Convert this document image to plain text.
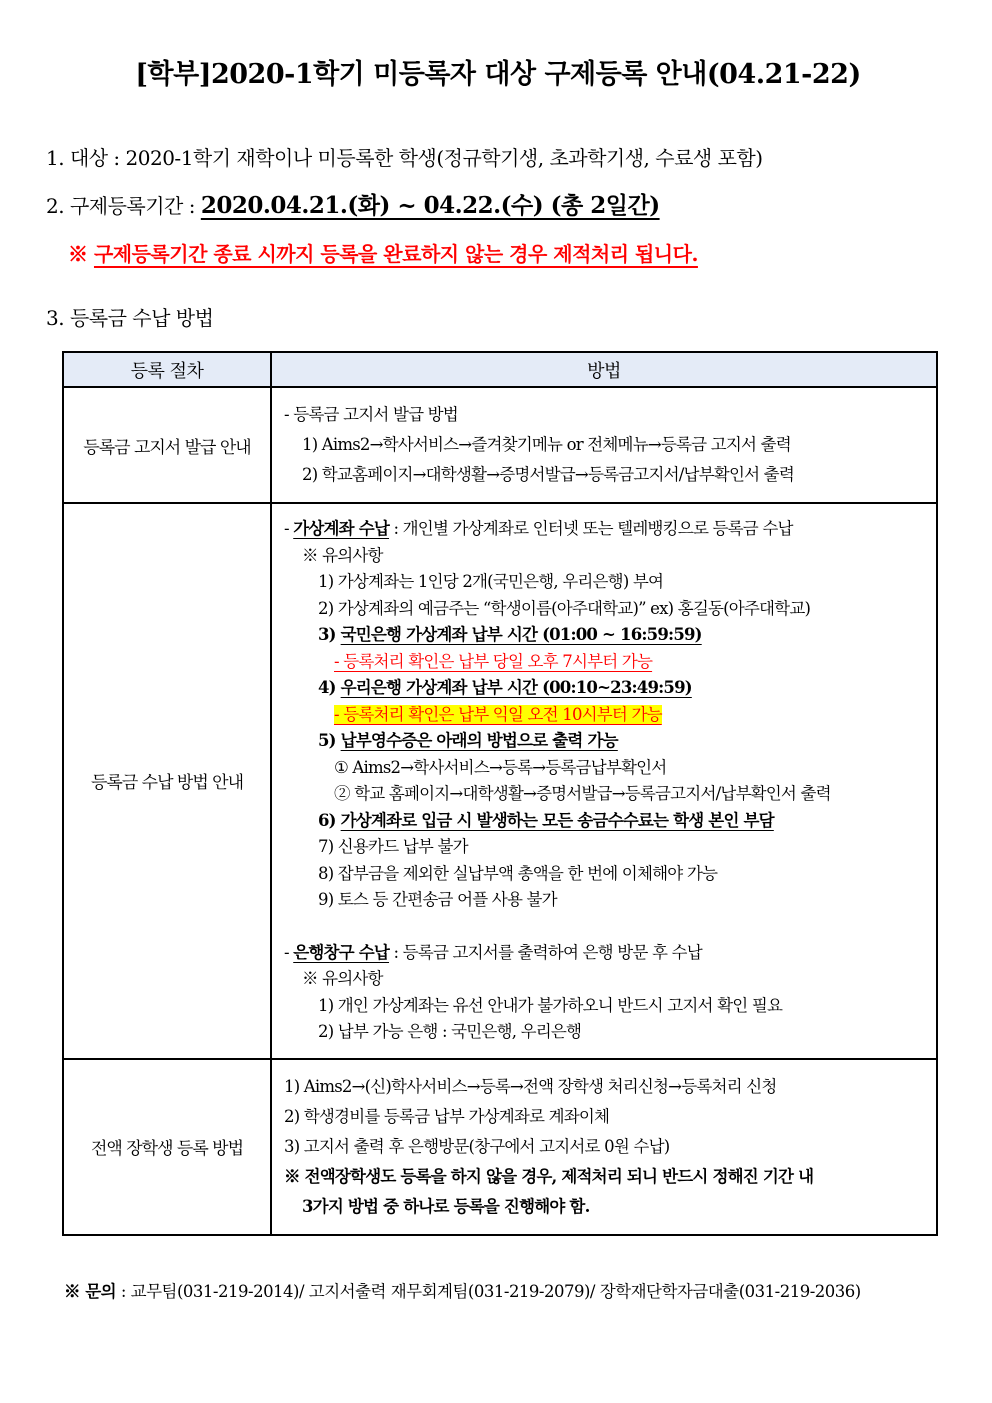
[학부]2020-1학기 미등록자 대상 구제등록 안내(04.21-22)
1. 대상 : 2020-1학기 재학이나 미등록한 학생(정규학기생, 초과학기생, 수료생 포함)
2. 구제등록기간 : 2020.04.21.(화) ~ 04.22.(수) (총 2일간)
※ 구제등록기간 종료 시까지 등록을 완료하지 않는 경우 제적처리 됩니다.
3. 등록금 수납 방법
등록 절차	방법
등록금 고지서 발급 안내	- 등록금 고지서 발급 방법
1) Aims2→학사서비스→즐겨찾기메뉴 or 전체메뉴→등록금 고지서 출력
2) 학교홈페이지→대학생활→증명서발급→등록금고지서/납부확인서 출력

등록금 수납 방법 안내	
- 가상계좌 수납 : 개인별 가상계좌로 인터넷 또는 텔레뱅킹으로 등록금 수납
※ 유의사항
1) 가상계좌는 1인당 2개(국민은행, 우리은행) 부여
2) 가상계좌의 예금주는 “학생이름(아주대학교)” ex) 홍길동(아주대학교)
3) 국민은행 가상계좌 납부 시간 (01:00 ~ 16:59:59)
- 등록처리 확인은 납부 당일 오후 7시부터 가능
4) 우리은행 가상계좌 납부 시간 (00:10~23:49:59)
- 등록처리 확인은 납부 익일 오전 10시부터 가능
5) 납부영수증은 아래의 방법으로 출력 가능
① Aims2→학사서비스→등록→등록금납부확인서
② 학교 홈페이지→대학생활→증명서발급→등록금고지서/납부확인서 출력
6) 가상계좌로 입금 시 발생하는 모든 송금수수료는 학생 본인 부담
7) 신용카드 납부 불가
8) 잡부금을 제외한 실납부액 총액을 한 번에 이체해야 가능
9) 토스 등 간편송금 어플 사용 불가
- 은행창구 수납 : 등록금 고지서를 출력하여 은행 방문 후 수납
※ 유의사항
1) 개인 가상계좌는 유선 안내가 불가하오니 반드시 고지서 확인 필요
2) 납부 가능 은행 : 국민은행, 우리은행

전액 장학생 등록 방법	1) Aims2→(신)학사서비스→등록→전액 장학생 처리신청→등록처리 신청
2) 학생경비를 등록금 납부 가상계좌로 계좌이체
3) 고지서 출력 후 은행방문(창구에서 고지서로 0원 수납)
※ 전액장학생도 등록을 하지 않을 경우, 제적처리 되니 반드시 정해진 기간 내
3가지 방법 중 하나로 등록을 진행해야 함.
※ 문의 : 교무팀(031-219-2014)/ 고지서출력 재무회계팀(031-219-2079)/ 장학재단학자금대출(031-219-2036)
